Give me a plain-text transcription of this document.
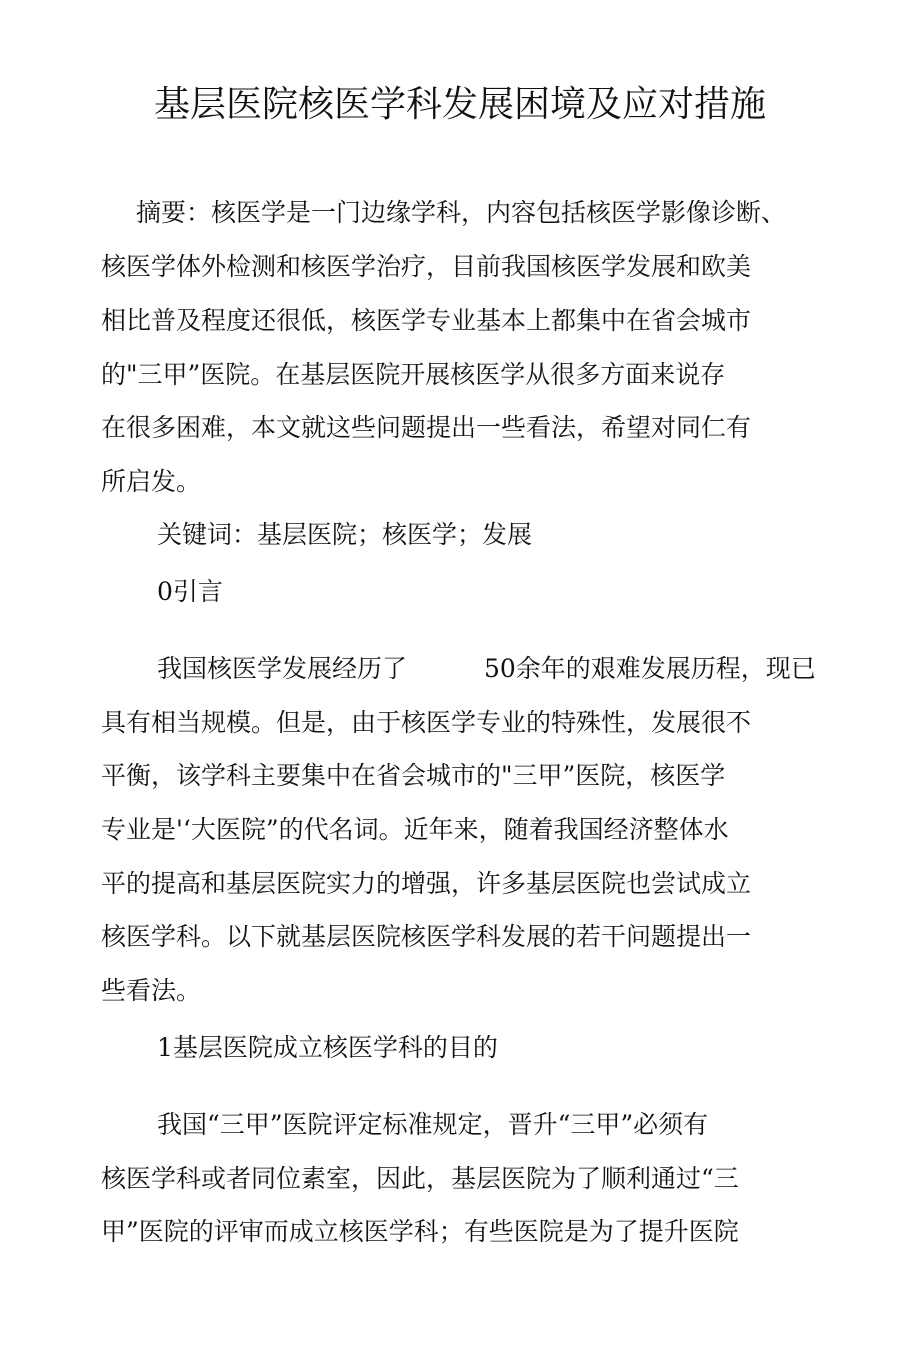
基层医院核医学科发展困境及应对措施
摘要：核医学是一门边缘学科，内容包括核医学影像诊断、
核医学体外检测和核医学治疗，目前我国核医学发展和欧美
相比普及程度还很低，核医学专业基本上都集中在省会城市
的"三甲”医院。在基层医院开展核医学从很多方面来说存
在很多困难，本文就这些问题提出一些看法，希望对同仁有
所启发。
关键词：基层医院；核医学；发展
0引言
我国核医学发展经历了	50余年的艰难发展历程，现已
具有相当规模。但是，由于核医学专业的特殊性，发展很不
平衡，该学科主要集中在省会城市的"三甲”医院，核医学
专业是'‘大医院”的代名词。近年来，随着我国经济整体水
平的提高和基层医院实力的增强，许多基层医院也尝试成立
核医学科。以下就基层医院核医学科发展的若干问题提出一
些看法。
1基层医院成立核医学科的目的
我国“三甲”医院评定标准规定，晋升“三甲”必须有
核医学科或者同位素室，因此，基层医院为了顺利通过“三
甲”医院的评审而成立核医学科；有些医院是为了提升医院
